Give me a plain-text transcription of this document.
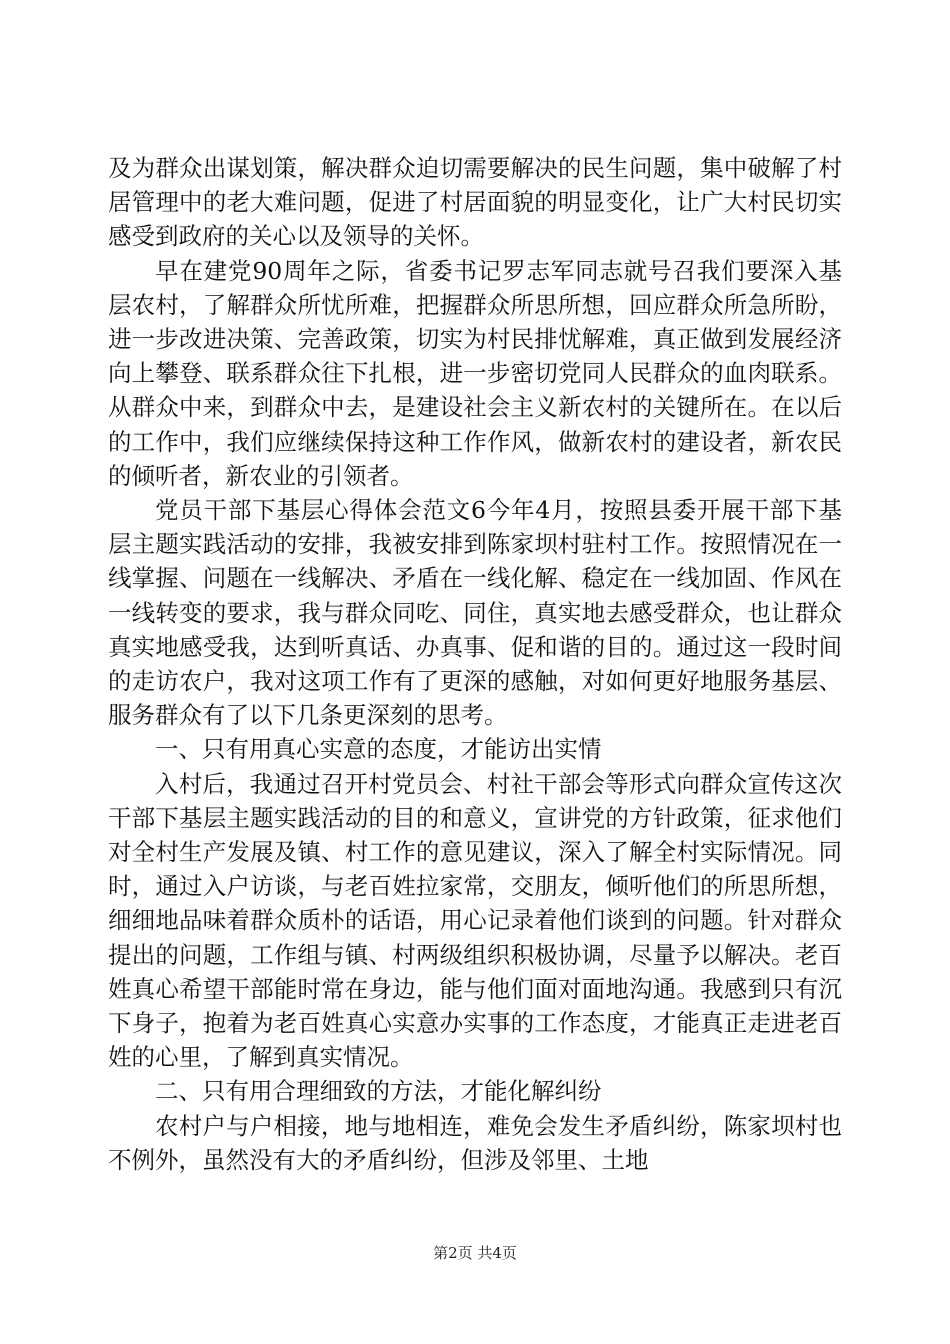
及为群众出谋划策，解决群众迫切需要解决的民生问题，集中破解了村居管理中的老大难问题，促进了村居面貌的明显变化，让广大村民切实感受到政府的关心以及领导的关怀。

早在建党90周年之际，省委书记罗志军同志就号召我们要深入基层农村，了解群众所忧所难，把握群众所思所想，回应群众所急所盼，进一步改进决策、完善政策，切实为村民排忧解难，真正做到发展经济向上攀登、联系群众往下扎根，进一步密切党同人民群众的血肉联系。从群众中来，到群众中去，是建设社会主义新农村的关键所在。在以后的工作中，我们应继续保持这种工作作风，做新农村的建设者，新农民的倾听者，新农业的引领者。

党员干部下基层心得体会范文6今年4月，按照县委开展干部下基层主题实践活动的安排，我被安排到陈家坝村驻村工作。按照情况在一线掌握、问题在一线解决、矛盾在一线化解、稳定在一线加固、作风在一线转变的要求，我与群众同吃、同住，真实地去感受群众，也让群众真实地感受我，达到听真话、办真事、促和谐的目的。通过这一段时间的走访农户，我对这项工作有了更深的感触，对如何更好地服务基层、服务群众有了以下几条更深刻的思考。

一、只有用真心实意的态度，才能访出实情

入村后，我通过召开村党员会、村社干部会等形式向群众宣传这次干部下基层主题实践活动的目的和意义，宣讲党的方针政策，征求他们对全村生产发展及镇、村工作的意见建议，深入了解全村实际情况。同时，通过入户访谈，与老百姓拉家常，交朋友，倾听他们的所思所想，细细地品味着群众质朴的话语，用心记录着他们谈到的问题。针对群众提出的问题，工作组与镇、村两级组织积极协调，尽量予以解决。老百姓真心希望干部能时常在身边，能与他们面对面地沟通。我感到只有沉下身子，抱着为老百姓真心实意办实事的工作态度，才能真正走进老百姓的心里，了解到真实情况。

二、只有用合理细致的方法，才能化解纠纷

农村户与户相接，地与地相连，难免会发生矛盾纠纷，陈家坝村也不例外，虽然没有大的矛盾纠纷，但涉及邻里、土地

第2页 共4页
